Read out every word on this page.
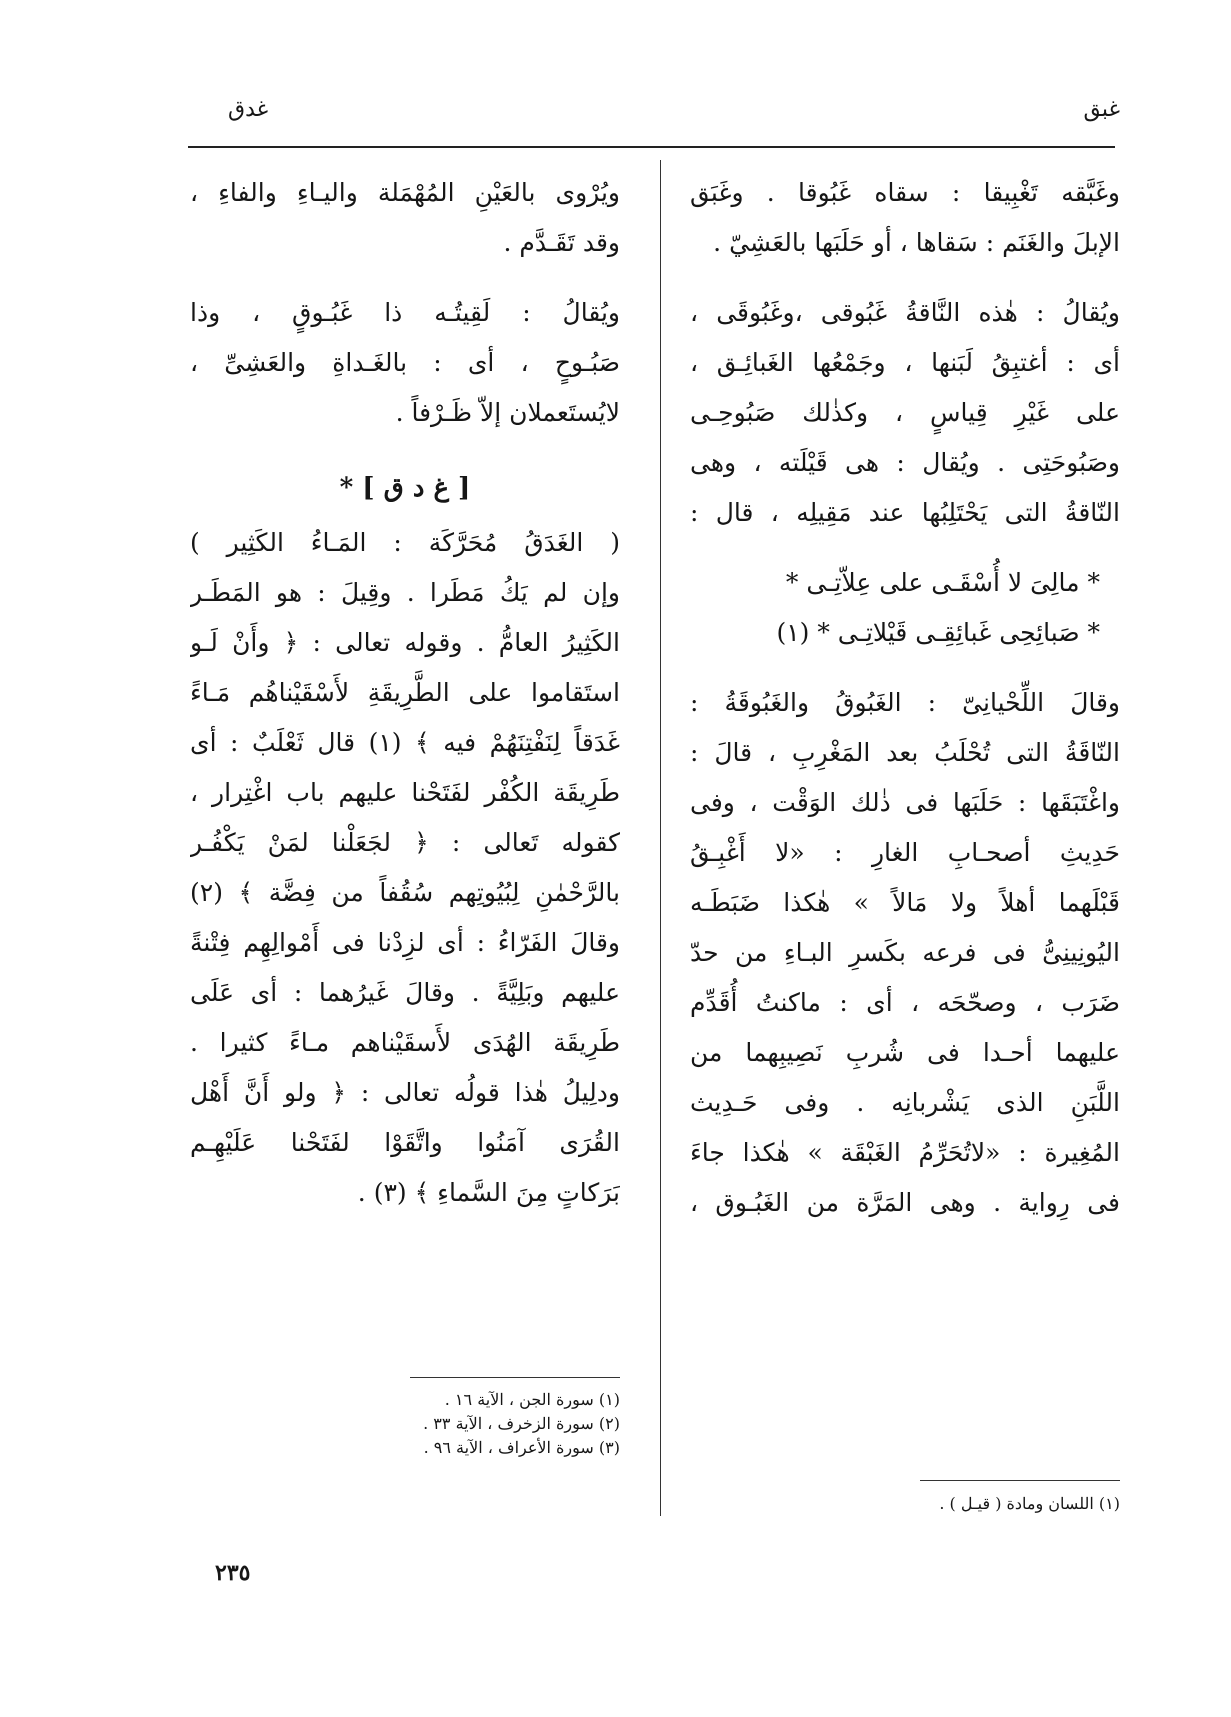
غبق
غدق
وغَبَّقه تَغْبِيقا : سقاه غَبُوقا . وغَبَق
الإبلَ والغَنَم : سَقاها ، أو حَلَبَها بالعَشِيّ .
ويُقالُ : هٰذه النَّاقةُ غَبُوقى ،وغَبُوقَى ،
أى : أغتبِقُ لَبَنها ، وجَمْعُها الغَبائِـق ،
على غَيْرِ قِياسٍ ، وكذٰلك صَبُوحِـى
وصَبُوحَتِى . ويُقال : هى قَيْلَته ، وهى
النّاقةُ التى يَحْتَلِبُها عند مَقِيلِه ، قال :
* مالِىَ لا أُسْقَـى على عِلاّتِـى *
* صَبائِحِى غَبائِقِـى قَيْلاتِـى * (١)
وقالَ اللِّحْيانِىّ : الغَبُوقُ والغَبُوقَةُ :
النّاقَةُ التى تُحْلَبُ بعد المَغْرِبِ ، قالَ :
واغْتَبَقَها : حَلَبَها فى ذٰلك الوَقْت ، وفى
حَدِيثِ أصحـابِ الغارِ : «لا أَغْبِـقُ
قَبْلَهما أهلاً ولا مَالاً » هٰكذا ضَبَطَـه
اليُونِينِىُّ فى فرعه بكَسرِ البـاءِ من حدّ
ضَرَب ، وصحّحَه ، أى : ماكنتُ أُقَدِّم
عليهما أحـدا فى شُربِ نَصِيبِهما من
اللَّبَنِ الذى يَشْربانِه . وفى حَـدِيث
المُغِيرة : «لاتُحَرِّمُ الغَبْقَة » هٰكذا جاءَ
فى رِواية . وهى المَرَّة من الغَبُـوق ،
(١) اللسان ومادة ( قيـل ) .
ويُرْوى بالعَيْنِ المُهْمَلة واليـاءِ والفاءِ ،
وقد تَقَـدَّم .
ويُقالُ : لَقِيتُـه ذا غَبُـوقٍ ، وذا
صَبُـوحٍ ، أى : بالغَـداةِ والعَشِىِّ ،
لايُستَعملان إلاّ ظَـرْفاً .
[ غ د ق ] *
( الغَدَقُ مُحَرَّكَة : المَـاءُ الكَثِير )
وإن لم يَكُ مَطَرا . وقِيلَ : هو المَطَـر
الكَثِيرُ العامُّ . وقوله تعالى : ﴿ وأَنْ لَـو
استَقاموا على الطَّرِيقَةِ لأَسْقَيْناهُم مَـاءً
غَدَقاً لِنَفْتِنَهُمْ فيه ﴾ (١) قال ثَعْلَبٌ : أى
طَرِيقَة الكُفْر لفَتَحْنا عليهم باب اغْتِرار ،
كقوله تَعالى : ﴿ لجَعَلْنا لمَنْ يَكْفُـر
بالرَّحْمٰنِ لِبُيُوتِهم سُقُفاً من فِضَّة ﴾ (٢)
وقالَ الفَرّاءُ : أى لزِدْنا فى أَمْوالِهِم فِتْنةً
عليهم وبَلِيَّةً . وقالَ غَيرُهما : أى عَلَى
طَرِيقَة الهُدَى لأَسقَيْناهم مـاءً كثيرا .
ودلِيلُ هٰذا قولُه تعالى : ﴿ ولو أَنَّ أَهْل
القُرَى آمَنُوا واتَّقَوْا لفَتَحْنا عَلَيْهِـم
بَرَكاتٍ مِنَ السَّماءِ ﴾ (٣) .
(١) سورة الجن ، الآية ١٦ .
(٢) سورة الزخرف ، الآية ٣٣ .
(٣) سورة الأعراف ، الآية ٩٦ .
٢٣٥
